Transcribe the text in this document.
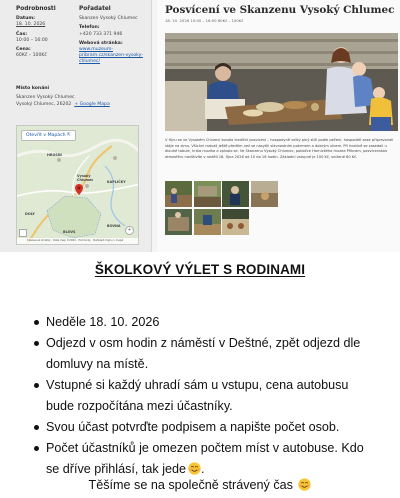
Podrobnosti
Datum:
18. 10. 2026
Čas:
10:00 – 16:00
Cena:
60Kč – 100Kč
Pořadatel
Skanzen Vysoký Chlumec
Telefon:
+420 733 371 946
Webová stránka:
www.muzeum-pribram.cz/skanzen-vysoky-chlumec/
Místo konání
Skanzen Vysoký Chlumec
Vysoký Chlumec, 26202 + Google Mapa
Otevřít v Mapách ⇱
HROSIN
Vysoký Chlumec	KAPLIČKY
DOLY
BOVNA
BLOVS	+
Klávesové zkratky · Data map ©2024 · Podmínky · Nahlásit chybu v mapě
Posvícení ve Skanzenu Vysoký Chlumec
18. 10. 2026 10:00 – 16:00 60Kč – 100Kč
V říjnu se ve Vysokém Chlumci konalo tradiční posvícení – hospodyně velký plný stůl podle pečení, hospodáři zase připravovali stáje na zimu. Všichni mávali ještě předtím než se nasytili slavnostním pokrmem a dobrým vínem. Při hostině se zasedali u dlouhé tabule, hrála muzika a zpívalo se. Ve Skanzenu Vysoký Chlumec, pobočce Hornického muzea Příbram, posvícenskou atmosféru navštívíte v neděli 18. října 2026 od 10 do 16 hodin. Základní vstupné je 100 Kč, snížené 60 Kč.
ŠKOLKOVÝ VÝLET S RODINAMI
Neděle 18. 10. 2026
Odjezd v osm hodin z náměstí v Deštné, zpět odjezd dle domluvy na místě.
Vstupné si každý uhradí sám u vstupu, cena autobusu bude rozpočítána mezi účastníky.
Svou účast potvrďte podpisem a napište počet osob.
Počet účastníků je omezen počtem míst v autobuse. Kdo se dříve přihlásí, tak jede .
Těšíme se na společně strávený čas
